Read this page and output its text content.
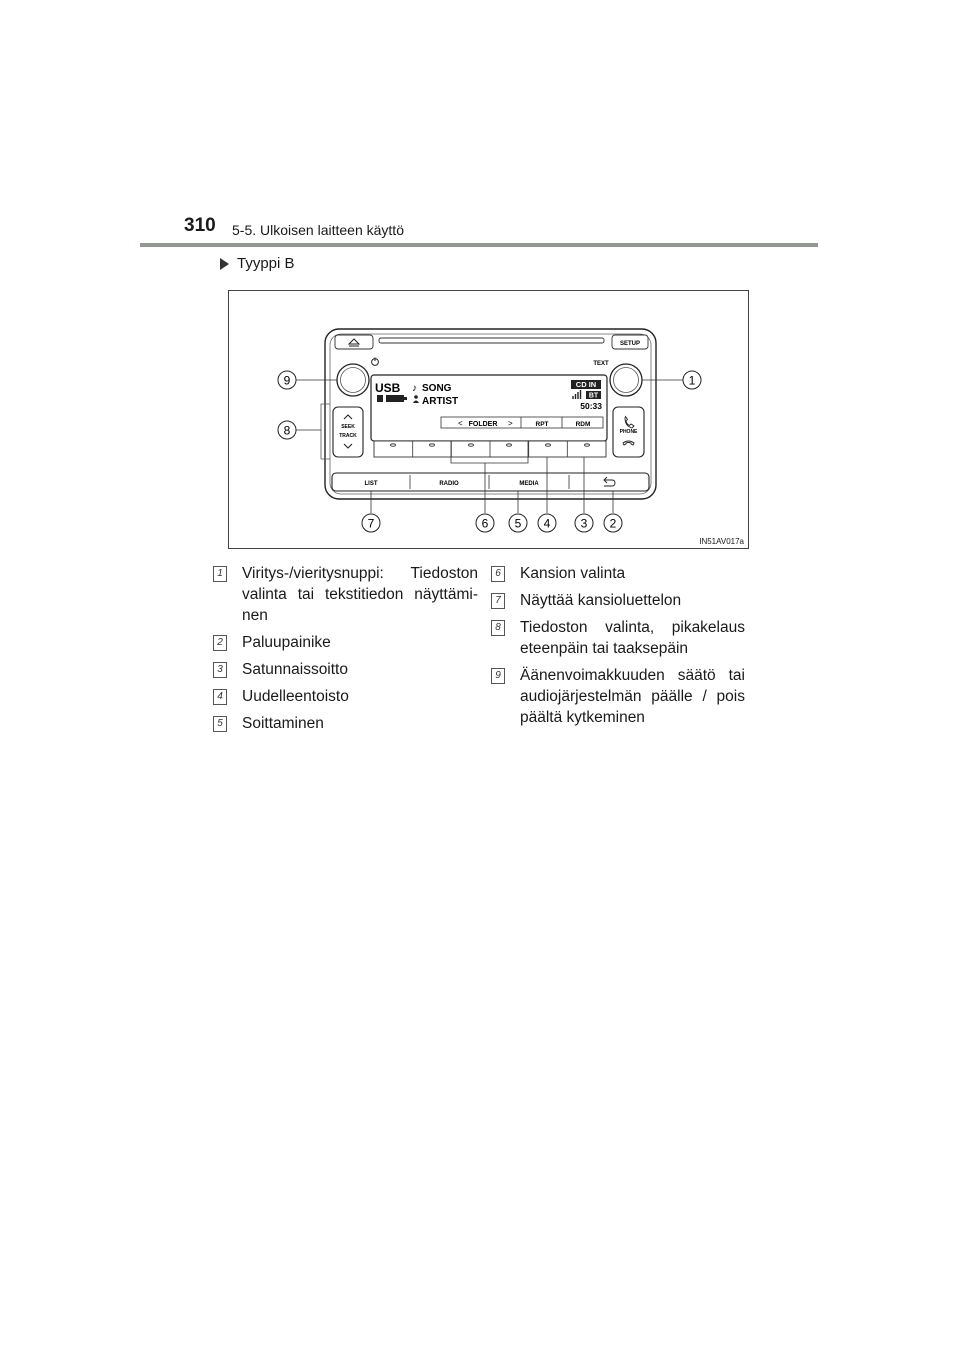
310 5-5. Ulkoisen laitteen käyttö
Tyyppi B
SETUP
TEXT
USB ♪ SONG
ARTIST
CD IN
BT
50:33
< FOLDER >	RPT	RDM
SEEK
TRACK
PHONE
LIST	RADIO	MEDIA
9
8
1
7	6 5 4	3 2
IN51AV017a
1 Viritys-/vieritysnuppi: Tiedoston valinta tai tekstitiedon näyttämi-nen
2 Paluupainike
3 Satunnaissoitto
4 Uudelleentoisto
5 Soittaminen
6 Kansion valinta
7 Näyttää kansioluettelon
8 Tiedoston valinta, pikakelaus eteenpäin tai taaksepäin
9 Äänenvoimakkuuden säätö tai audiojärjestelmän päälle / pois päältä kytkeminen
